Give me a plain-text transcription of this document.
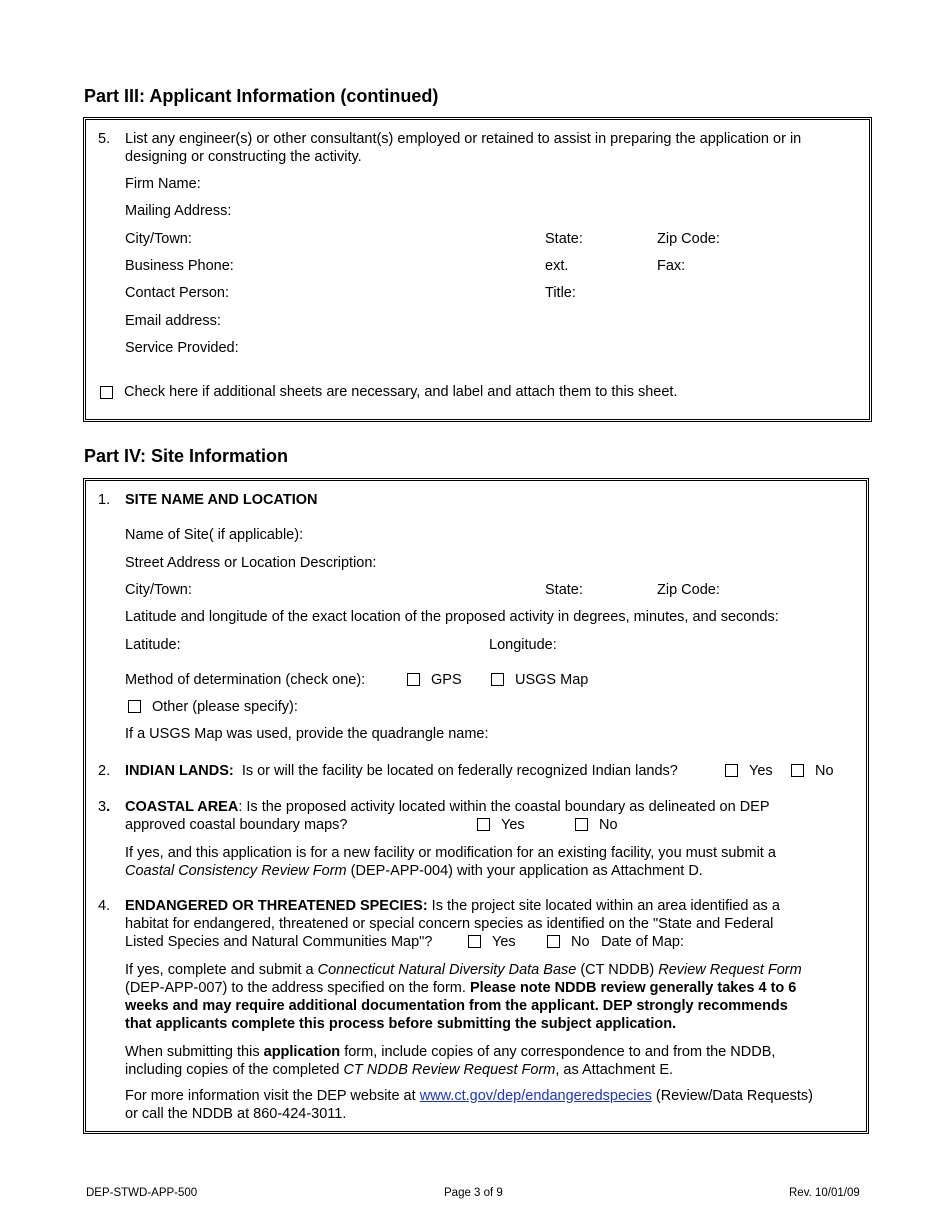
Part III: Applicant Information (continued)
5. List any engineer(s) or other consultant(s) employed or retained to assist in preparing the application or in designing or constructing the activity.
Firm Name:
Mailing Address:
City/Town:	State:	Zip Code:
Business Phone:	ext.	Fax:
Contact Person:	Title:
Email address:
Service Provided:
Check here if additional sheets are necessary, and label and attach them to this sheet.
Part IV: Site Information
1. SITE NAME AND LOCATION
Name of Site( if applicable):
Street Address or Location Description:
City/Town:	State:	Zip Code:
Latitude and longitude of the exact location of the proposed activity in degrees, minutes, and seconds:
Latitude:	Longitude:
Method of determination (check one):	GPS	USGS Map
Other (please specify):
If a USGS Map was used, provide the quadrangle name:
2. INDIAN LANDS: Is or will the facility be located on federally recognized Indian lands?	Yes	No
3. COASTAL AREA: Is the proposed activity located within the coastal boundary as delineated on DEP
approved coastal boundary maps?	Yes	No
If yes, and this application is for a new facility or modification for an existing facility, you must submit a
Coastal Consistency Review Form (DEP-APP-004) with your application as Attachment D.
4. ENDANGERED OR THREATENED SPECIES: Is the project site located within an area identified as a
habitat for endangered, threatened or special concern species as identified on the "State and Federal
Listed Species and Natural Communities Map"?	Yes	No Date of Map:
If yes, complete and submit a Connecticut Natural Diversity Data Base (CT NDDB) Review Request Form
(DEP-APP-007) to the address specified on the form. Please note NDDB review generally takes 4 to 6
weeks and may require additional documentation from the applicant. DEP strongly recommends
that applicants complete this process before submitting the subject application.
When submitting this application form, include copies of any correspondence to and from the NDDB,
including copies of the completed CT NDDB Review Request Form, as Attachment E.
For more information visit the DEP website at www.ct.gov/dep/endangeredspecies (Review/Data Requests)
or call the NDDB at 860-424-3011.
DEP-STWD-APP-500	Page 3 of 9	Rev. 10/01/09
